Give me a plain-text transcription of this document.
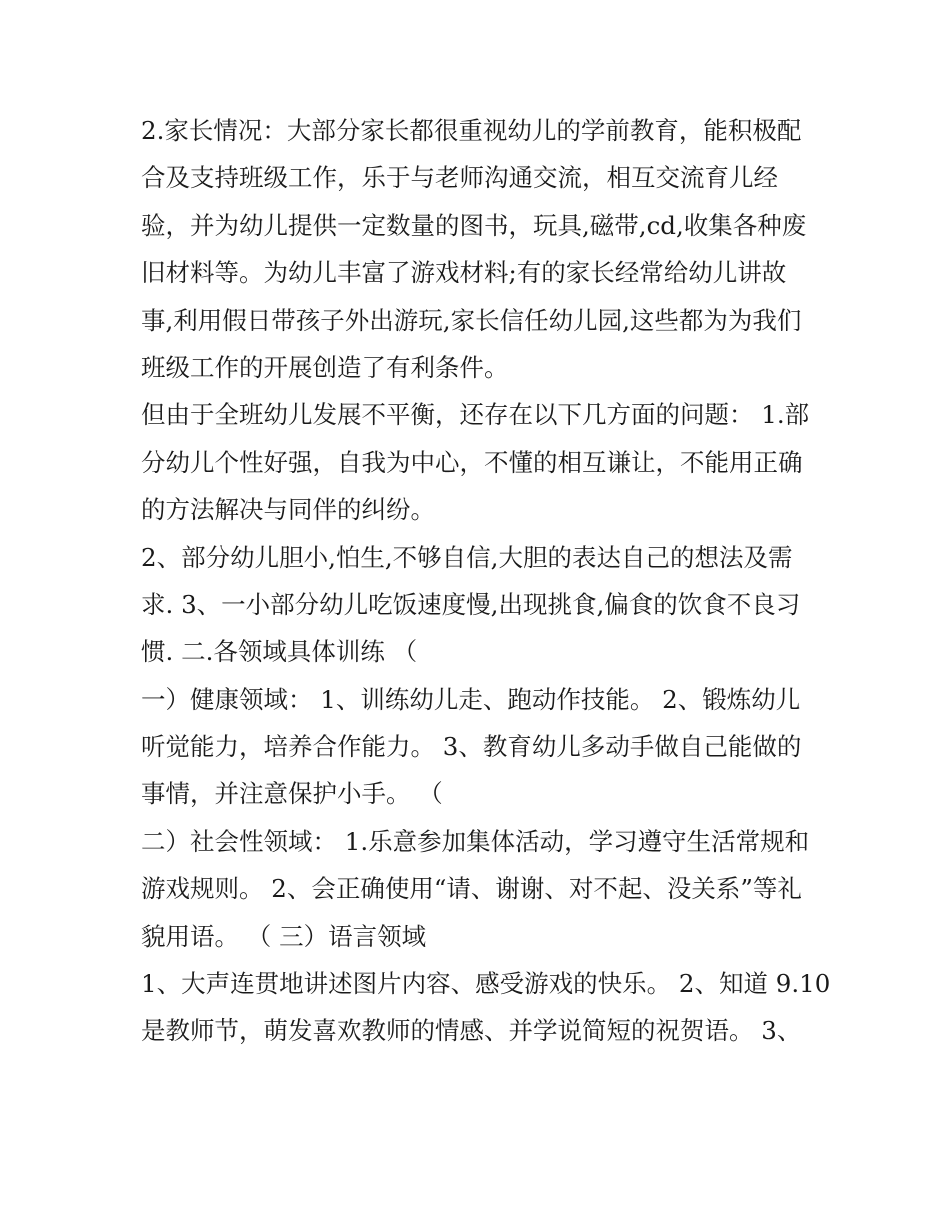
2.家长情况：大部分家长都很重视幼儿的学前教育，能积极配
合及支持班级工作，乐于与老师沟通交流，相互交流育儿经
验，并为幼儿提供一定数量的图书，玩具,磁带,cd,收集各种废
旧材料等。为幼儿丰富了游戏材料;有的家长经常给幼儿讲故
事,利用假日带孩子外出游玩,家长信任幼儿园,这些都为为我们
班级工作的开展创造了有利条件。
但由于全班幼儿发展不平衡，还存在以下几方面的问题： 1.部
分幼儿个性好强，自我为中心，不懂的相互谦让，不能用正确
的方法解决与同伴的纠纷。
2、部分幼儿胆小,怕生,不够自信,大胆的表达自己的想法及需
求. 3、一小部分幼儿吃饭速度慢,出现挑食,偏食的饮食不良习
惯. 二.各领域具体训练 （
一）健康领域： 1、训练幼儿走、跑动作技能。 2、锻炼幼儿
听觉能力，培养合作能力。 3、教育幼儿多动手做自己能做的
事情，并注意保护小手。 （
二）社会性领域： 1.乐意参加集体活动，学习遵守生活常规和
游戏规则。 2、会正确使用“请、谢谢、对不起、没关系”等礼
貌用语。 （ 三）语言领域
1、大声连贯地讲述图片内容、感受游戏的快乐。 2、知道 9.10
是教师节，萌发喜欢教师的情感、并学说简短的祝贺语。 3、
